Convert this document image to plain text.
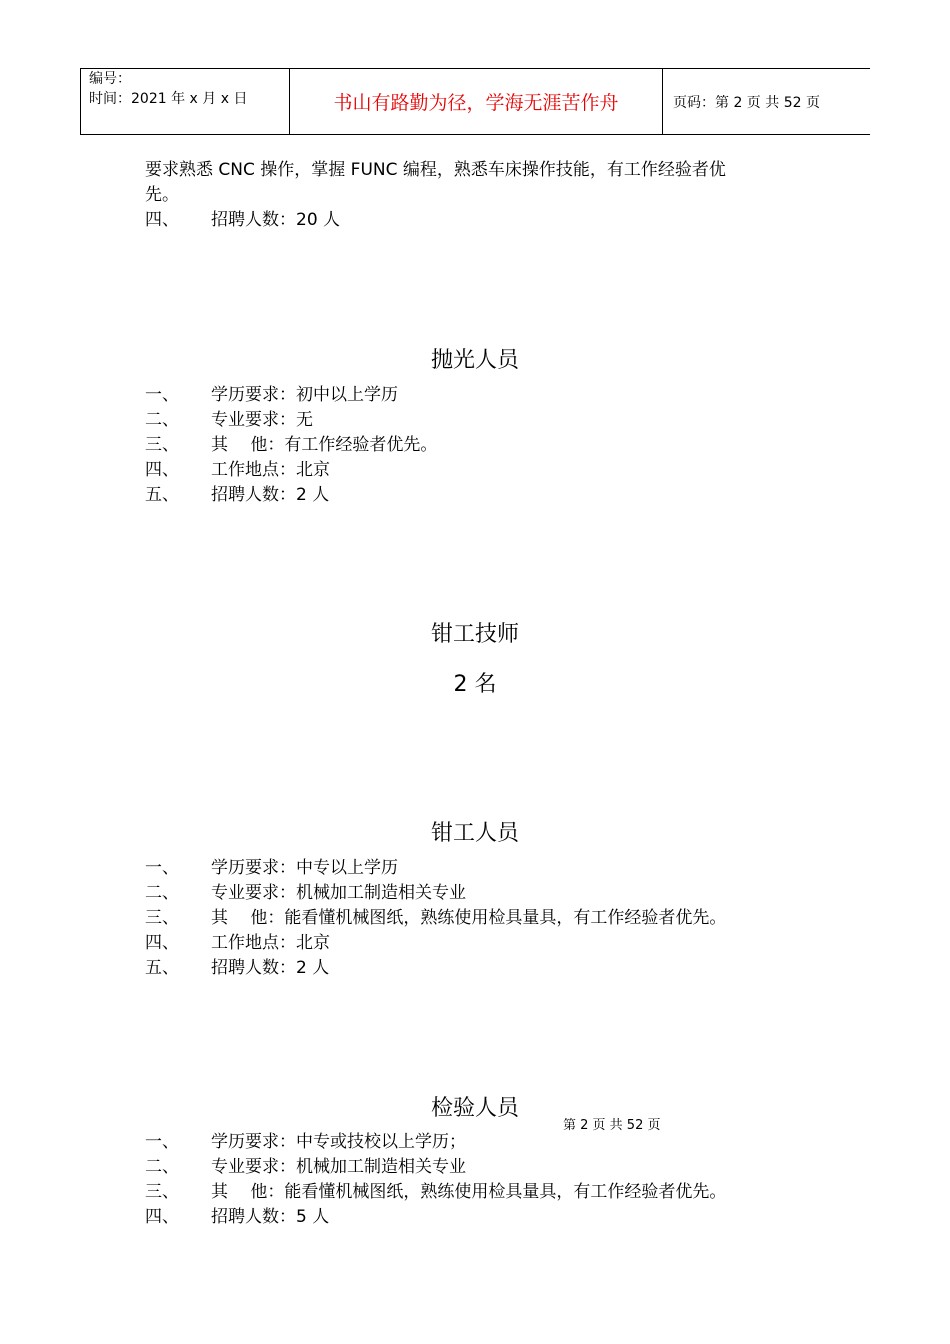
编号：
时间：2021 年 x 月 x 日	书山有路勤为径，学海无涯苦作舟	页码：第 2 页 共 52 页
要求熟悉 CNC 操作，掌握 FUNC 编程，熟悉车床操作技能，有工作经验者优
先。
四、 招聘人数：20 人
抛光人员
一、 学历要求：初中以上学历
二、 专业要求：无
三、 其　 他：有工作经验者优先。
四、 工作地点：北京
五、 招聘人数：2 人
钳工技师
2 名
钳工人员
一、 学历要求：中专以上学历
二、 专业要求：机械加工制造相关专业
三、 其　 他：能看懂机械图纸，熟练使用检具量具，有工作经验者优先。
四、 工作地点：北京
五、 招聘人数：2 人
检验人员
第 2 页 共 52 页
一、 学历要求：中专或技校以上学历；
二、 专业要求：机械加工制造相关专业
三、 其　 他：能看懂机械图纸，熟练使用检具量具，有工作经验者优先。
四、 招聘人数：5 人
